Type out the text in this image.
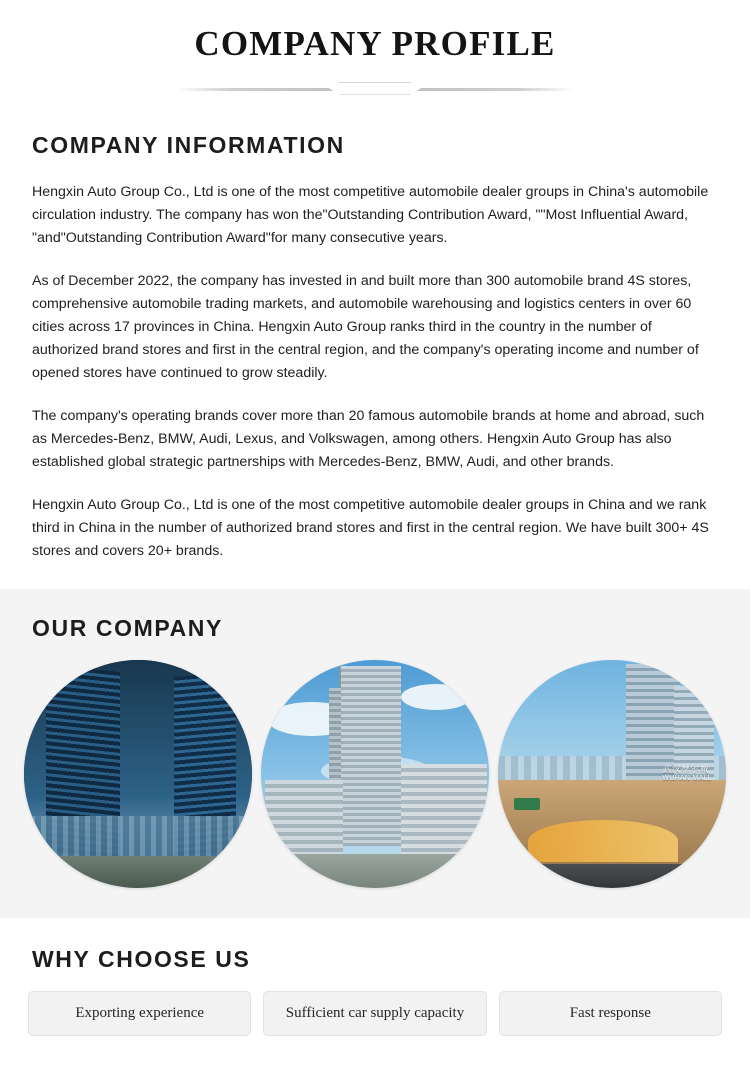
COMPANY PROFILE
COMPANY INFORMATION

Hengxin Auto Group Co., Ltd is one of the most competitive automobile dealer groups in China's automobile circulation industry. The company has won the"Outstanding Contribution Award, ""Most Influential Award, "and"Outstanding Contribution Award"for many consecutive years.

As of December 2022, the company has invested in and built more than 300 automobile brand 4S stores, comprehensive automobile trading markets, and automobile warehousing and logistics centers in over 60 cities across 17 provinces in China. Hengxin Auto Group ranks third in the country in the number of authorized brand stores and first in the central region, and the company's operating income and number of opened stores have continued to grow steadily.

The company's operating brands cover more than 20 famous automobile brands at home and abroad, such as Mercedes-Benz, BMW, Audi, Lexus, and Volkswagen, among others. Hengxin Auto Group has also established global strategic partnerships with Mercedes-Benz, BMW, Audi, and other brands.

Hengxin Auto Group Co., Ltd is one of the most competitive automobile dealer groups in China and we rank third in China in the number of authorized brand stores and first in the central region. We have built 300+ 4S stores and covers 20+ brands.

OUR COMPANY
武汉摩尔城
WUHAN MALL
WHY CHOOSE US
Exporting experience	Sufficient car supply capacity	Fast response
